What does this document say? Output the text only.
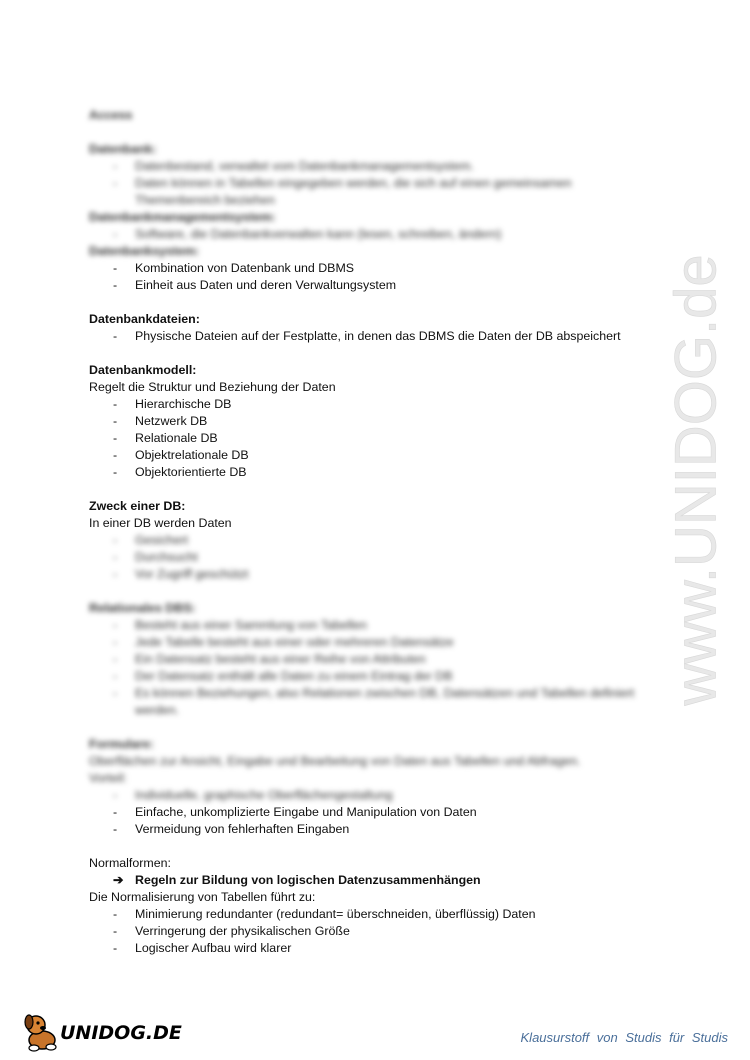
Access
Datenbank:
- Datenbestand, verwaltet vom Datenbankmanagementsystem.
- Daten können in Tabellen eingegeben werden, die sich auf einen gemeinsamen Themenbereich beziehen
Datenbankmanagementsystem:
- Software, die Datenbankverwalten kann (lesen, schreiben, ändern)
Datenbanksystem:
- Kombination von Datenbank und DBMS
- Einheit aus Daten und deren Verwaltungsystem
Datenbankdateien:
- Physische Dateien auf der Festplatte, in denen das DBMS die Daten der DB abspeichert
Datenbankmodell:
Regelt die Struktur und Beziehung der Daten
- Hierarchische DB
- Netzwerk DB
- Relationale DB
- Objektrelationale DB
- Objektorientierte DB
Zweck einer DB:
In einer DB werden Daten
- Gesichert
- Durchsucht
- Vor Zugriff geschützt
Relationales DBS:
- Besteht aus einer Sammlung von Tabellen
- Jede Tabelle besteht aus einer oder mehreren Datensätze
- Ein Datensatz besteht aus einer Reihe von Attributen
- Der Datensatz enthält alle Daten zu einem Eintrag der DB
- Es können Beziehungen, also Relationen zwischen DB, Datensätzen und Tabellen definiert werden.
Formulare:
Oberflächen zur Ansicht, Eingabe und Bearbeitung von Daten aus Tabellen und Abfragen.
Vorteil:
- Individuelle, graphische Oberflächengestaltung
- Einfache, unkomplizierte Eingabe und Manipulation von Daten
- Vermeidung von fehlerhaften Eingaben
Normalformen:
➔ Regeln zur Bildung von logischen Datenzusammenhängen
Die Normalisierung von Tabellen führt zu:
- Minimierung redundanter (redundant= überschneiden, überflüssig) Daten
- Verringerung der physikalischen Größe
- Logischer Aufbau wird klarer
www.UNIDOG.de
UNIDOG.DE	Klausurstoff von Studis für Studis
